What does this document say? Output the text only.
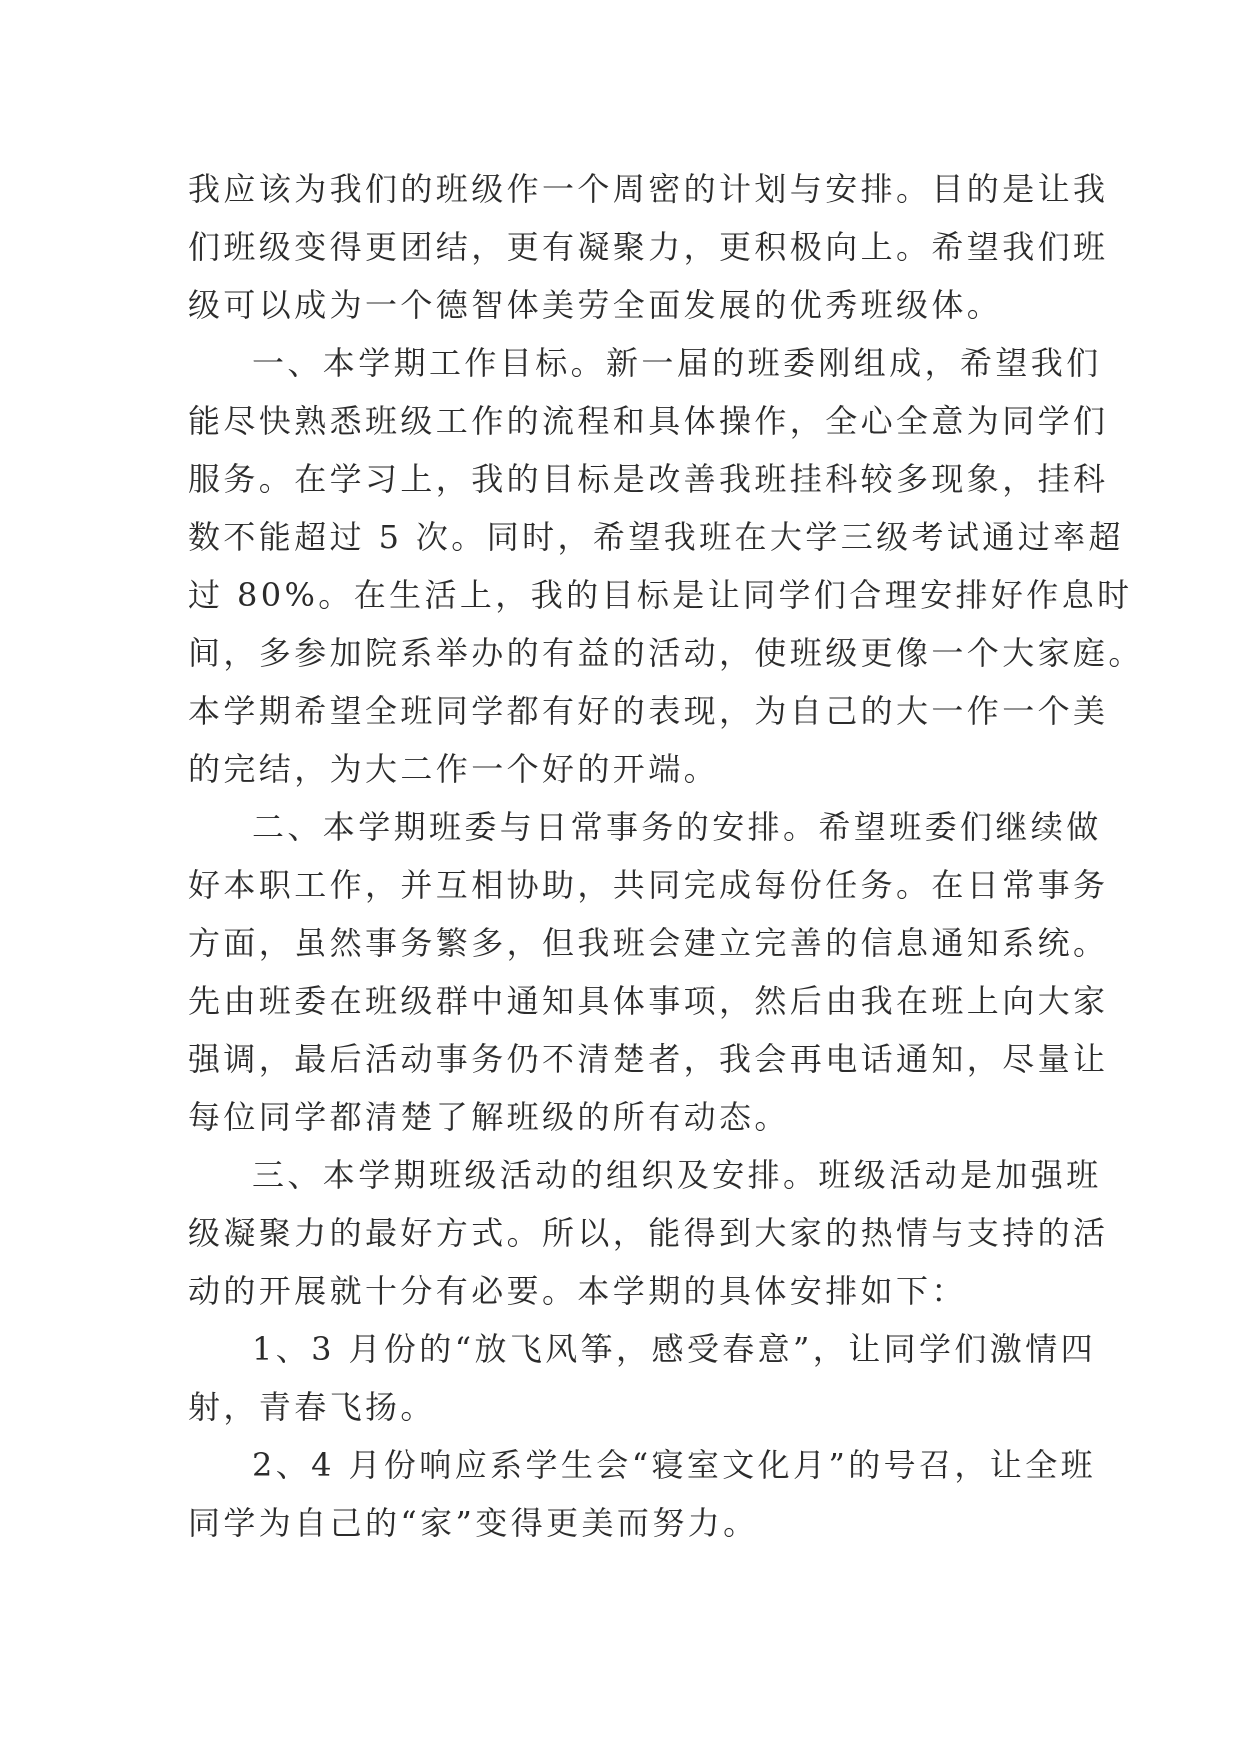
我应该为我们的班级作一个周密的计划与安排。目的是让我
们班级变得更团结，更有凝聚力，更积极向上。希望我们班
级可以成为一个德智体美劳全面发展的优秀班级体。
一、本学期工作目标。新一届的班委刚组成，希望我们
能尽快熟悉班级工作的流程和具体操作，全心全意为同学们
服务。在学习上，我的目标是改善我班挂科较多现象，挂科
数不能超过 5 次。同时，希望我班在大学三级考试通过率超
过 80%。在生活上，我的目标是让同学们合理安排好作息时
间，多参加院系举办的有益的活动，使班级更像一个大家庭。
本学期希望全班同学都有好的表现，为自己的大一作一个美
的完结，为大二作一个好的开端。
二、本学期班委与日常事务的安排。希望班委们继续做
好本职工作，并互相协助，共同完成每份任务。在日常事务
方面，虽然事务繁多，但我班会建立完善的信息通知系统。
先由班委在班级群中通知具体事项，然后由我在班上向大家
强调，最后活动事务仍不清楚者，我会再电话通知，尽量让
每位同学都清楚了解班级的所有动态。
三、本学期班级活动的组织及安排。班级活动是加强班
级凝聚力的最好方式。所以，能得到大家的热情与支持的活
动的开展就十分有必要。本学期的具体安排如下：
1、3 月份的“放飞风筝，感受春意”，让同学们激情四
射，青春飞扬。
2、4 月份响应系学生会“寝室文化月”的号召，让全班
同学为自己的“家”变得更美而努力。
